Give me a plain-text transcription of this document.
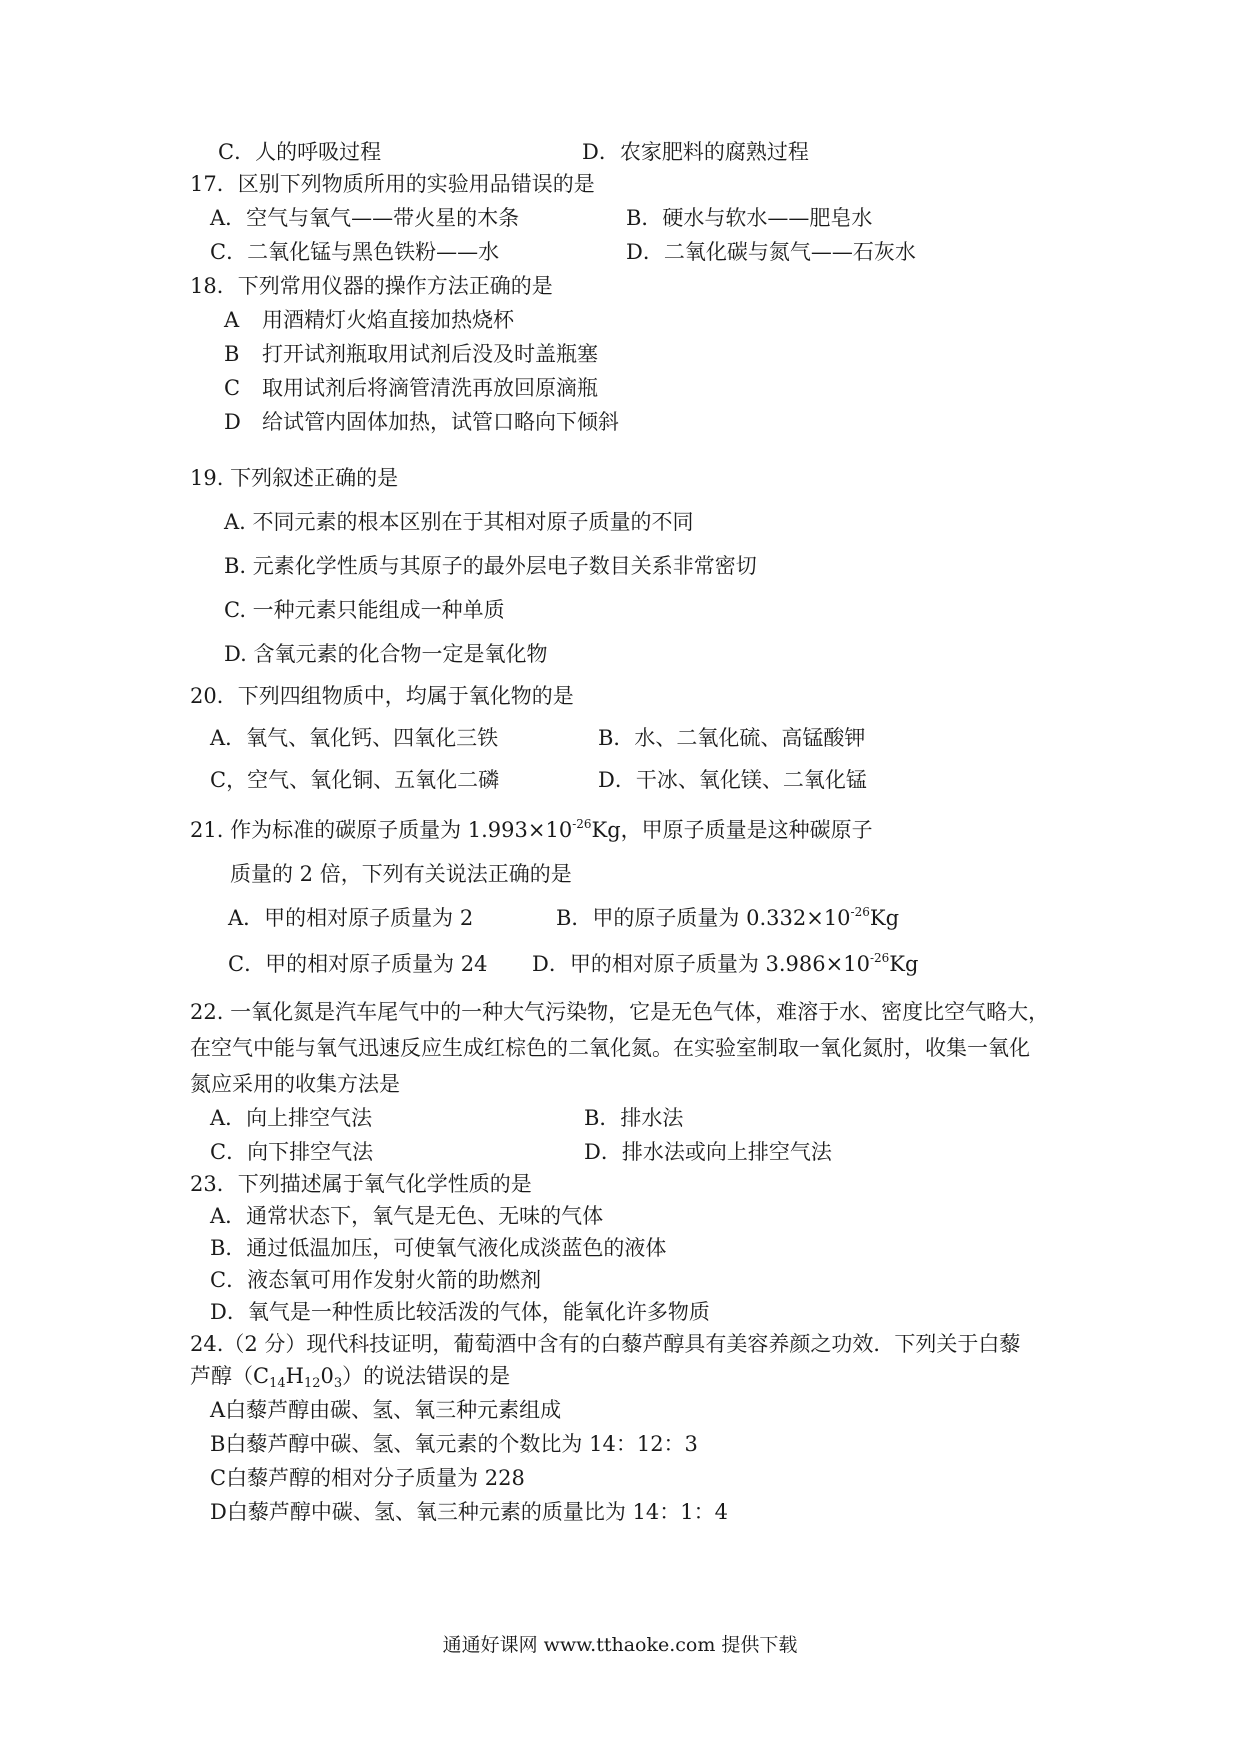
C．人的呼吸过程	D．农家肥料的腐熟过程
17．区别下列物质所用的实验用品错误的是
A．空气与氧气——带火星的木条	B．硬水与软水——肥皂水
C．二氧化锰与黑色铁粉——水	D．二氧化碳与氮气——石灰水
18．下列常用仪器的操作方法正确的是
A 用酒精灯火焰直接加热烧杯
B 打开试剂瓶取用试剂后没及时盖瓶塞
C 取用试剂后将滴管清洗再放回原滴瓶
D 给试管内固体加热，试管口略向下倾斜
19. 下列叙述正确的是
A. 不同元素的根本区别在于其相对原子质量的不同
B. 元素化学性质与其原子的最外层电子数目关系非常密切
C. 一种元素只能组成一种单质
D. 含氧元素的化合物一定是氧化物
20．下列四组物质中，均属于氧化物的是
A．氧气、氧化钙、四氧化三铁	B．水、二氧化硫、高锰酸钾
C，空气、氧化铜、五氧化二磷	D．干冰、氧化镁、二氧化锰
21. 作为标准的碳原子质量为 $1.993\times 10^{-26}Kg$，甲原子质量是这种碳原子
质量的 2 倍，下列有关说法正确的是
A．甲的相对原子质量为 2	B．甲的原子质量为 $0.332\times 10^{-26}Kg$
C．甲的相对原子质量为 24 D．甲的相对原子质量为 $3.986\times 10^{-26}Kg$
22. 一氧化氮是汽车尾气中的一种大气污染物，它是无色气体，难溶于水、密度比空气略大，
在空气中能与氧气迅速反应生成红棕色的二氧化氮。在实验室制取一氧化氮肘，收集一氧化
氮应采用的收集方法是
A．向上排空气法	B．排水法
C．向下排空气法	D．排水法或向上排空气法
23．下列描述属于氧气化学性质的是
A．通常状态下，氧气是无色、无味的气体
B．通过低温加压，可使氧气液化成淡蓝色的液体
C．液态氧可用作发射火箭的助燃剂
D．氧气是一种性质比较活泼的气体，能氧化许多物质
24.（2 分）现代科技证明，葡萄酒中含有的白藜芦醇具有美容养颜之功效．下列关于白藜
芦醇$(C_{14}H_{12}0_3)$的说法错误的是
A白藜芦醇由碳、氢、氧三种元素组成
B白藜芦醇中碳、氢、氧元素的个数比为 14：12：3
C白藜芦醇的相对分子质量为 228
D白藜芦醇中碳、氢、氧三种元素的质量比为 14：1：4
通通好课网 www.tthaoke.com 提供下载
